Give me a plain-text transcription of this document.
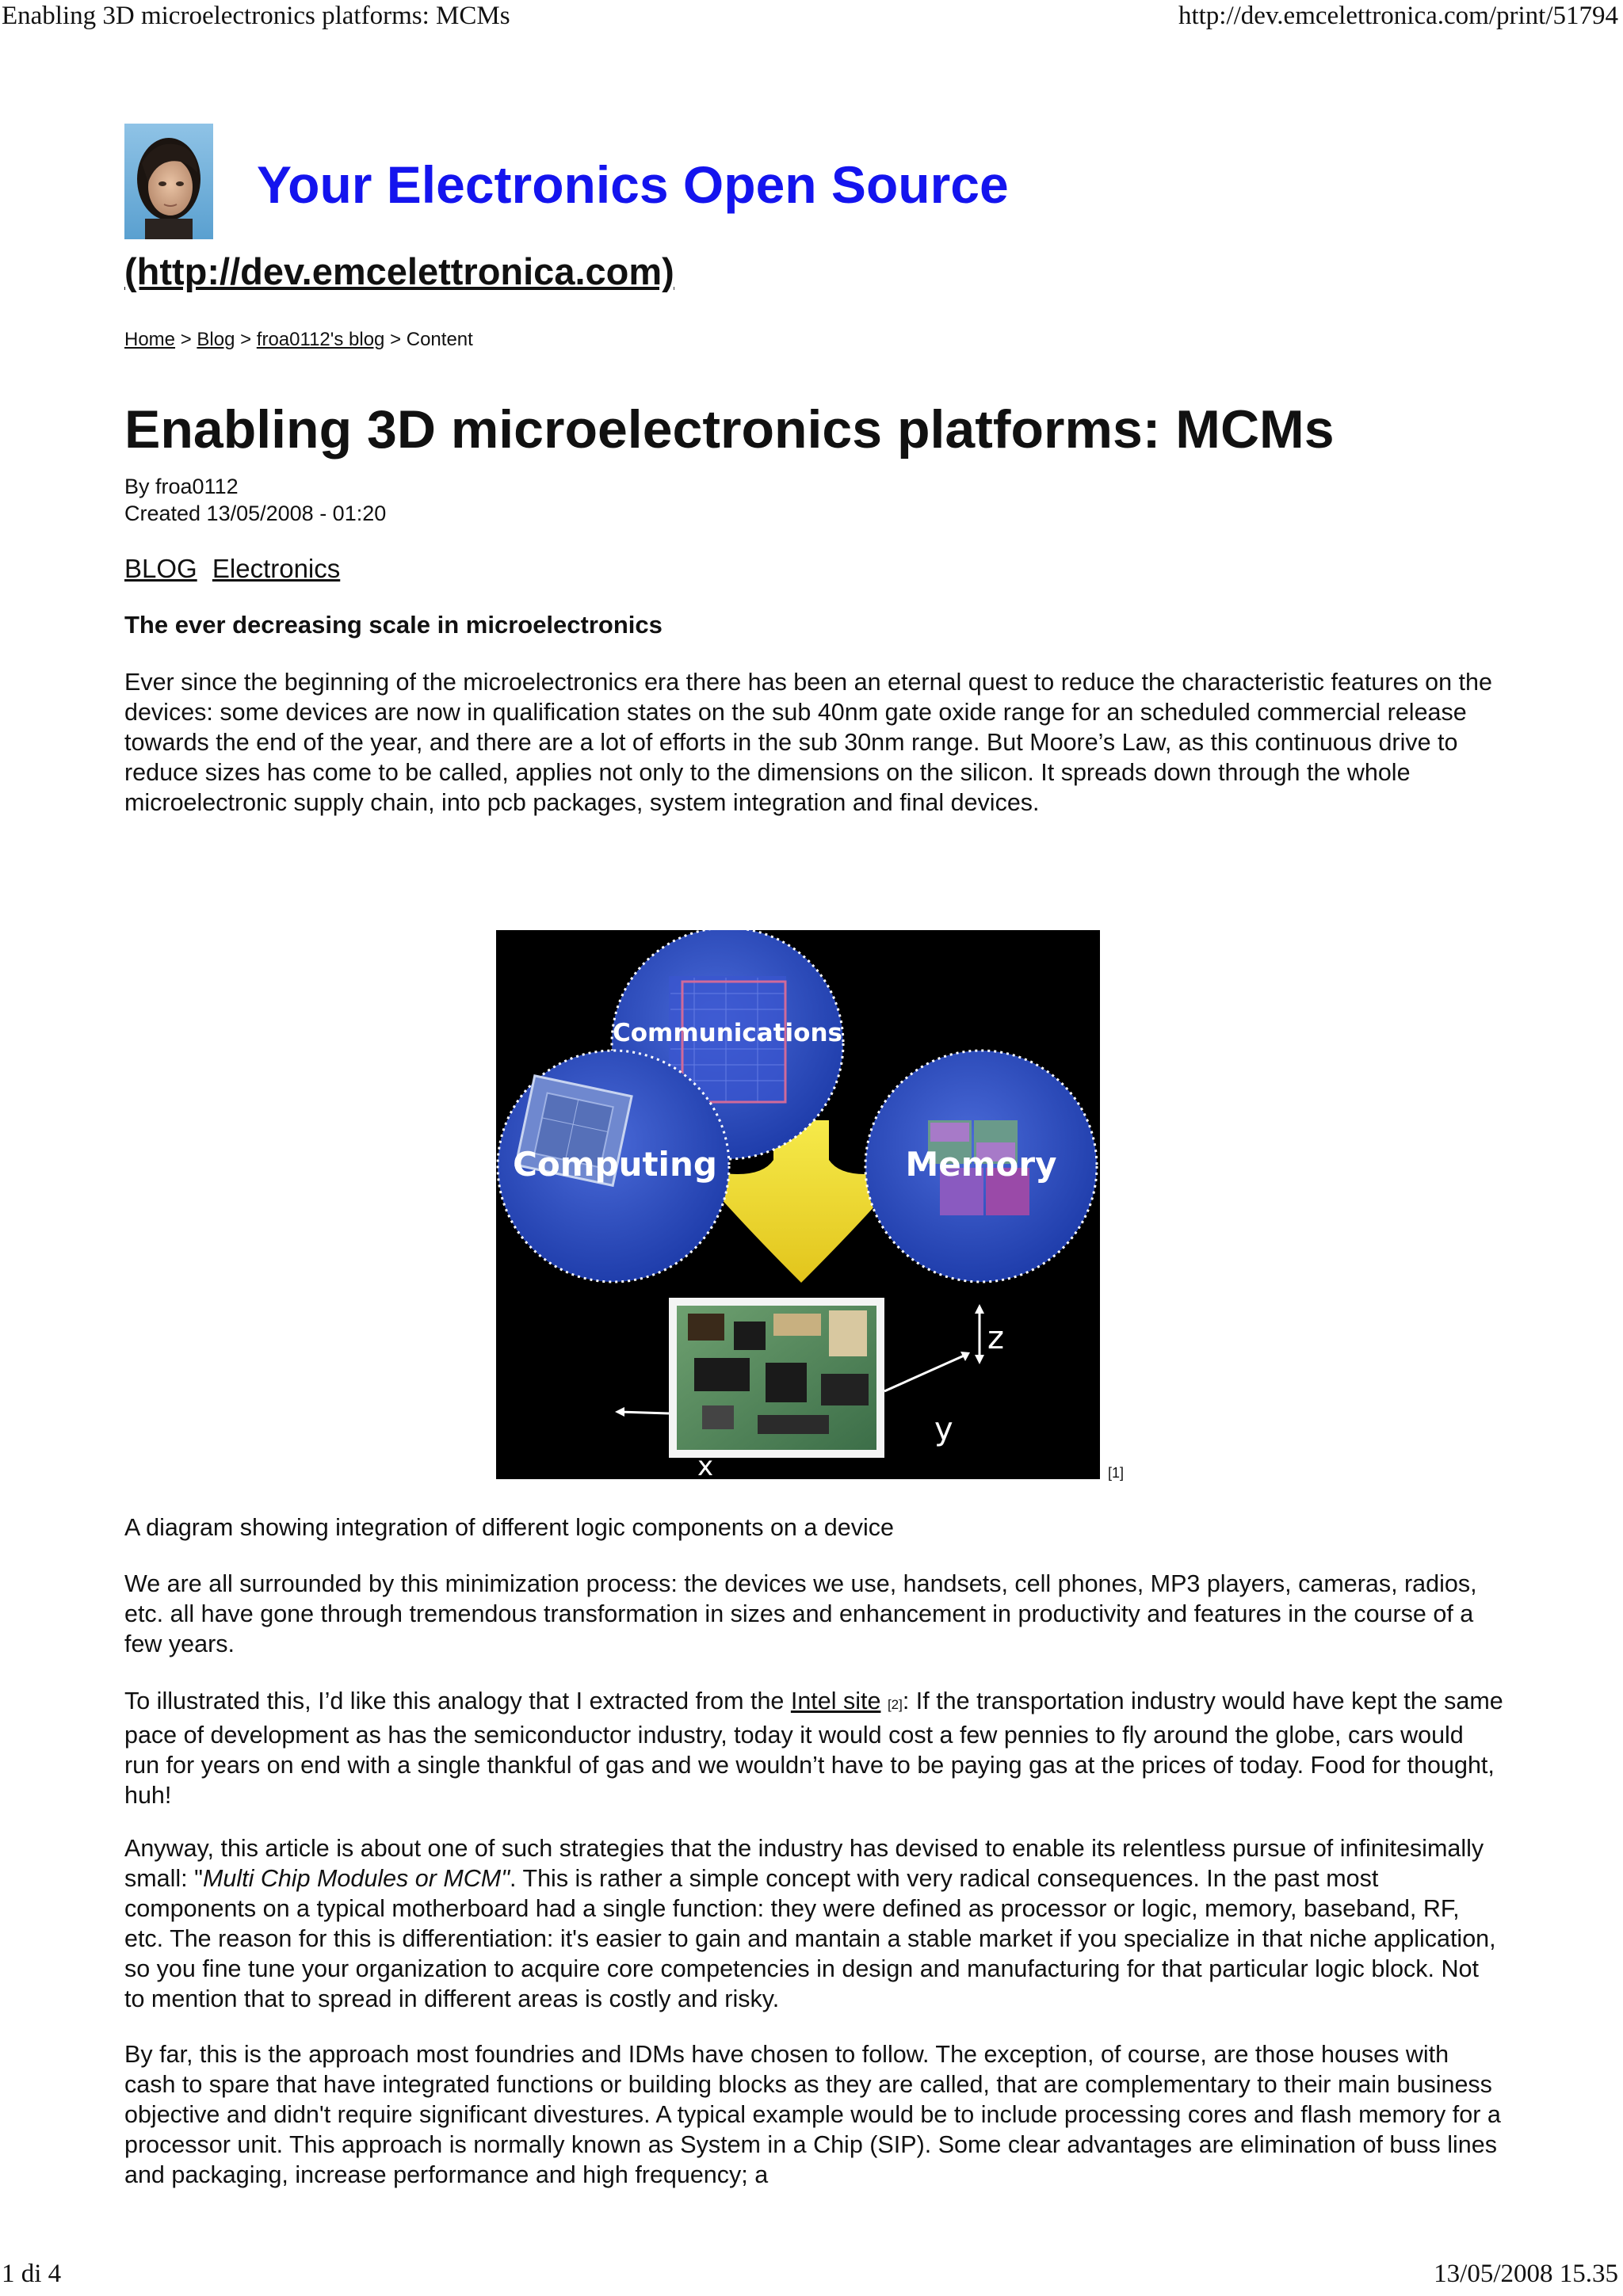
Enabling 3D microelectronics platforms: MCMs	http://dev.emcelettronica.com/print/51794
Your Electronics Open Source
(http://dev.emcelettronica.com)
Home > Blog > froa0112's blog > Content
Enabling 3D microelectronics platforms: MCMs
By froa0112
Created 13/05/2008 - 01:20
BLOG Electronics
The ever decreasing scale in microelectronics
Ever since the beginning of the microelectronics era there has been an eternal quest to reduce the characteristic features on the devices: some devices are now in qualification states on the sub 40nm gate oxide range for an scheduled commercial release towards the end of the year, and there are a lot of efforts in the sub 30nm range. But Moore’s Law, as this continuous drive to reduce sizes has come to be called, applies not only to the dimensions on the silicon. It spreads down through the whole microelectronic supply chain, into pcb packages, system integration and final devices.
Communications
Computing	Memory
z
y
x	[1]
A diagram showing integration of different logic components on a device
We are all surrounded by this minimization process: the devices we use, handsets, cell phones, MP3 players, cameras, radios, etc. all have gone through tremendous transformation in sizes and enhancement in productivity and features in the course of a few years.
To illustrated this, I’d like this analogy that I extracted from the Intel site [2]: If the transportation industry would have kept the same pace of development as has the semiconductor industry, today it would cost a few pennies to fly around the globe, cars would run for years on end with a single thankful of gas and we wouldn’t have to be paying gas at the prices of today. Food for thought, huh!
Anyway, this article is about one of such strategies that the industry has devised to enable its relentless pursue of infinitesimally small: "Multi Chip Modules or MCM". This is rather a simple concept with very radical consequences. In the past most components on a typical motherboard had a single function: they were defined as processor or logic, memory, baseband, RF, etc. The reason for this is differentiation: it's easier to gain and mantain a stable market if you specialize in that niche application, so you fine tune your organization to acquire core competencies in design and manufacturing for that particular logic block. Not to mention that to spread in different areas is costly and risky.
By far, this is the approach most foundries and IDMs have chosen to follow. The exception, of course, are those houses with cash to spare that have integrated functions or building blocks as they are called, that are complementary to their main business objective and didn't require significant divestures. A typical example would be to include processing cores and flash memory for a processor unit. This approach is normally known as System in a Chip (SIP). Some clear advantages are elimination of buss lines and packaging, increase performance and high frequency; a
1 di 4	13/05/2008 15.35
